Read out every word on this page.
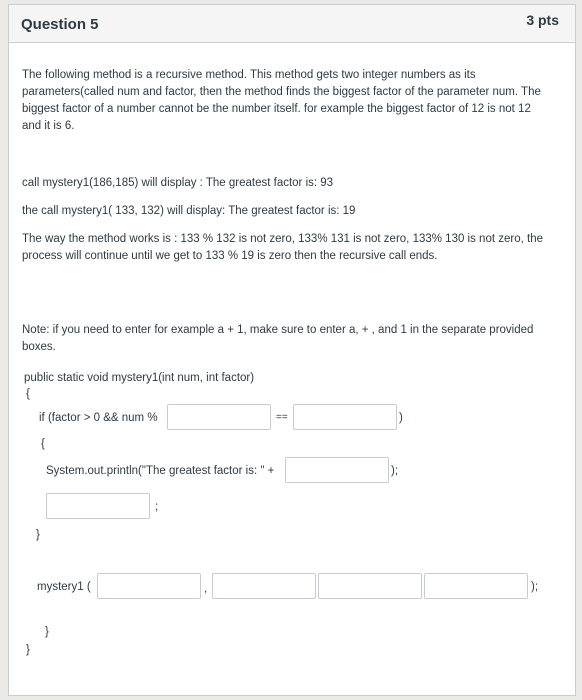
Question 5	3 pts
The following method is a recursive method. This method gets two integer numbers as its parameters(called num and factor, then the method finds the biggest factor of the parameter num. The biggest factor of a number cannot be the number itself. for example the biggest factor of 12 is not 12 and it is 6.
call mystery1(186,185) will display : The greatest factor is: 93
the call mystery1( 133, 132) will display: The greatest factor is: 19
The way the method works is : 133 % 132 is not zero, 133% 131 is not zero, 133% 130 is not zero, the process will continue until we get to 133 % 19 is zero then the recursive call ends.
Note: if you need to enter for example a + 1, make sure to enter a, + , and 1 in the separate provided boxes.
public static void mystery1(int num, int factor)
{
if (factor > 0 && num %	==	)
{
System.out.println("The greatest factor is: " +	);
;
}
mystery1 (	,	);
}
}
